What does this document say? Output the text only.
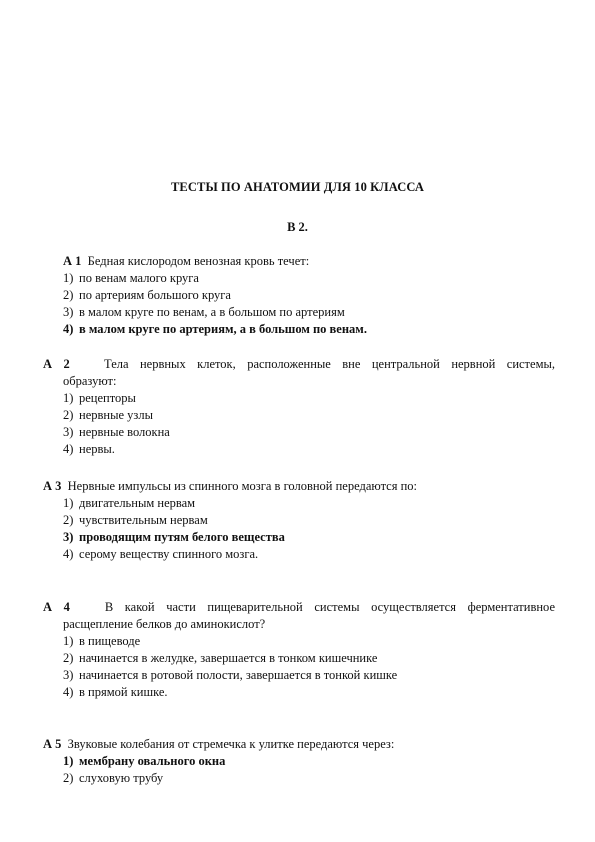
ТЕСТЫ ПО АНАТОМИИ ДЛЯ 10 КЛАССА
В 2.
А 1 Бедная кислородом венозная кровь течет:
1) по венам малого круга
2) по артериям большого круга
3) в малом круге по венам, а в большом по артериям
4) в малом круге по артериям, а в большом по венам.
А 2	Тела нервных клеток, расположенные вне центральной нервной системы,
образуют:
1) рецепторы
2) нервные узлы
3) нервные волокна
4) нервы.
А 3 Нервные импульсы из спинного мозга в головной передаются по:
1) двигательным нервам
2) чувствительным нервам
3) проводящим путям белого вещества
4) серому веществу спинного мозга.
А 4	В какой части пищеварительной системы осуществляется ферментативное
расщепление белков до аминокислот?
1) в пищеводе
2) начинается в желудке, завершается в тонком кишечнике
3) начинается в ротовой полости, завершается в тонкой кишке
4) в прямой кишке.
А 5 Звуковые колебания от стремечка к улитке передаются через:
1) мембрану овального окна
2) слуховую трубу
